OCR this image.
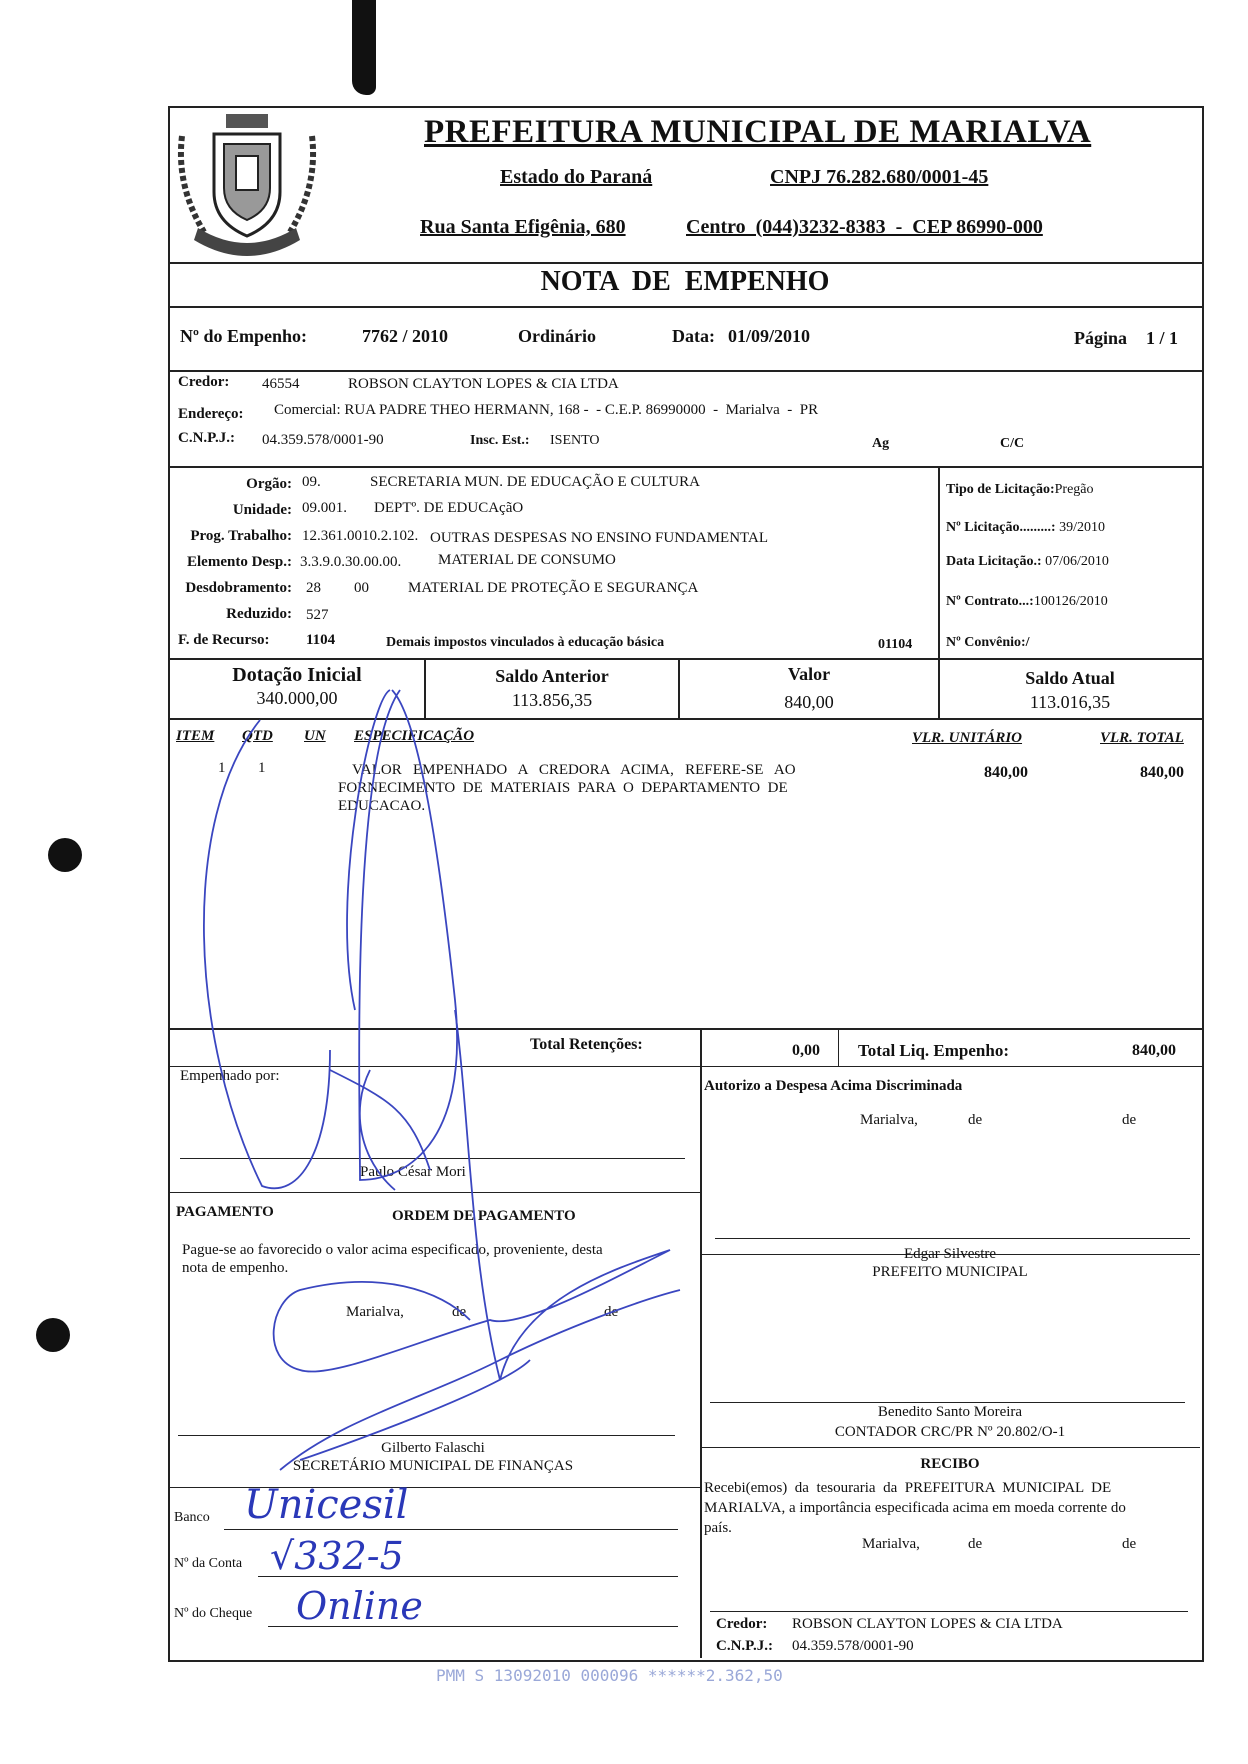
PREFEITURA MUNICIPAL DE MARIALVA
Estado do Paraná	CNPJ 76.282.680/0001-45
Rua Santa Efigênia, 680	Centro  (044)3232-8383  -  CEP 86990-000
NOTA  DE  EMPENHO
Nº do Empenho:	7762 / 2010	Ordinário	Data: 01/09/2010	Página 1 / 1
Credor: 46554	ROBSON CLAYTON LOPES & CIA LTDA
Endereço: Comercial: RUA PADRE THEO HERMANN, 168 -  - C.E.P. 86990000  -  Marialva  -  PR
C.N.P.J.: 04.359.578/0001-90	Insc. Est.: ISENTO	Ag	C/C
Orgão: 09.	SECRETARIA MUN. DE EDUCAÇÃO E CULTURA
Unidade: 09.001. DEPTº. DE EDUCAçãO
Prog. Trabalho: 12.361.0010.2.102. OUTRAS DESPESAS NO ENSINO FUNDAMENTAL
Elemento Desp.: 3.3.9.0.30.00.00. MATERIAL DE CONSUMO
Desdobramento: 28 00	MATERIAL DE PROTEÇÃO E SEGURANÇA
Reduzido: 527
F. de Recurso: 1104	Demais impostos vinculados à educação básica	01104
Tipo de Licitação:Pregão
Nº Licitação.........: 39/2010
Data Licitação.: 07/06/2010
Nº Contrato...:100126/2010
Nº Convênio:/
Dotação Inicial
340.000,00
Saldo Anterior
113.856,35
Valor
840,00
Saldo Atual
113.016,35
ITEM QTD UN ESPECIFICAÇÃO	VLR. UNITÁRIO	VLR. TOTAL
1 1	VALOR   EMPENHADO   A   CREDORA   ACIMA,   REFERE-SE   AO
FORNECIMENTO  DE  MATERIAIS  PARA  O  DEPARTAMENTO  DE
EDUCACAO.
840,00	840,00
Total Retenções:	0,00 Total Liq. Empenho:	840,00
Empenhado por:
Paulo César Mori
Autorizo a Despesa Acima Discriminada
Marialva,	de	de
Edgar Silvestre
PREFEITO MUNICIPAL
Benedito Santo Moreira
CONTADOR CRC/PR Nº 20.802/O-1
PAGAMENTO	ORDEM DE PAGAMENTO
Pague-se ao favorecido o valor acima especificado, proveniente, desta
nota de empenho.
Marialva,	de	de
Gilberto Falaschi
SECRETÁRIO MUNICIPAL DE FINANÇAS
Banco Unicesil
Nº da Conta √332-5
Nº do Cheque Online
RECIBO
Recebi(emos)  da  tesouraria  da  PREFEITURA  MUNICIPAL  DE
MARIALVA, a importância especificada acima em moeda corrente do
país.
Marialva,	de	de
Credor: ROBSON CLAYTON LOPES & CIA LTDA
C.N.P.J.: 04.359.578/0001-90
PMM S 13092010 000096 ******2.362,50
